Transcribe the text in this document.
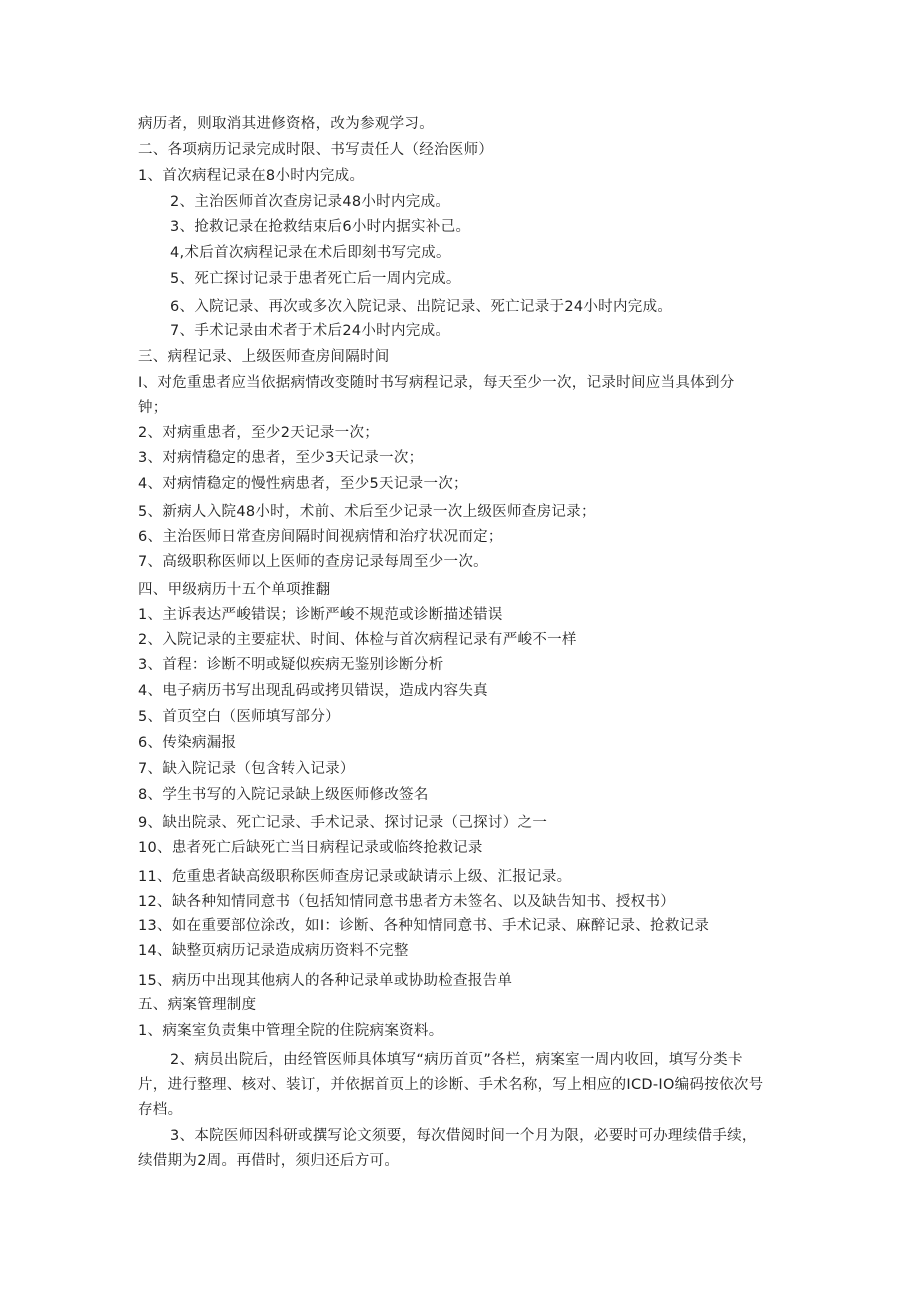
病历者，则取消其进修资格，改为参观学习。
二、各项病历记录完成时限、书写责任人（经治医师）
1、首次病程记录在8小时内完成。
2、主治医师首次查房记录48小时内完成。
3、抢救记录在抢救结束后6小时内据实补己。
4,术后首次病程记录在术后即刻书写完成。
5、死亡探讨记录于患者死亡后一周内完成。
6、入院记录、再次或多次入院记录、出院记录、死亡记录于24小时内完成。
7、手术记录由术者于术后24小时内完成。
三、病程记录、上级医师查房间隔时间
I、对危重患者应当依据病情改变随时书写病程记录，每天至少一次，记录时间应当具体到分
钟；
2、对病重患者，至少2天记录一次；
3、对病情稳定的患者，至少3天记录一次；
4、对病情稳定的慢性病患者，至少5天记录一次；
5、新病人入院48小时，术前、术后至少记录一次上级医师查房记录；
6、主治医师日常查房间隔时间视病情和治疗状况而定；
7、高级职称医师以上医师的查房记录每周至少一次。
四、甲级病历十五个单项推翻
1、主诉表达严峻错误；诊断严峻不规范或诊断描述错误
2、入院记录的主要症状、时间、体检与首次病程记录有严峻不一样
3、首程：诊断不明或疑似疾病无鉴别诊断分析
4、电子病历书写出现乱码或拷贝错误，造成内容失真
5、首页空白（医师填写部分）
6、传染病漏报
7、缺入院记录（包含转入记录）
8、学生书写的入院记录缺上级医师修改签名
9、缺出院录、死亡记录、手术记录、探讨记录（己探讨）之一
10、患者死亡后缺死亡当日病程记录或临终抢救记录
11、危重患者缺高级职称医师查房记录或缺请示上级、汇报记录。
12、缺各种知情同意书（包括知情同意书患者方未签名、以及缺告知书、授权书）
13、如在重要部位涂改，如I：诊断、各种知情同意书、手术记录、麻醉记录、抢救记录
14、缺整页病历记录造成病历资料不完整
15、病历中出现其他病人的各种记录单或协助检查报告单
五、病案管理制度
1、病案室负责集中管理全院的住院病案资料。
2、病员出院后，由经管医师具体填写“病历首页”各栏，病案室一周内收回，填写分类卡
片，进行整理、核对、装订，并依据首页上的诊断、手术名称，写上相应的ICD-IO编码按依次号
存档。
3、本院医师因科研或撰写论文须要，每次借阅时间一个月为限，必要时可办理续借手续，
续借期为2周。再借时，须归还后方可。
